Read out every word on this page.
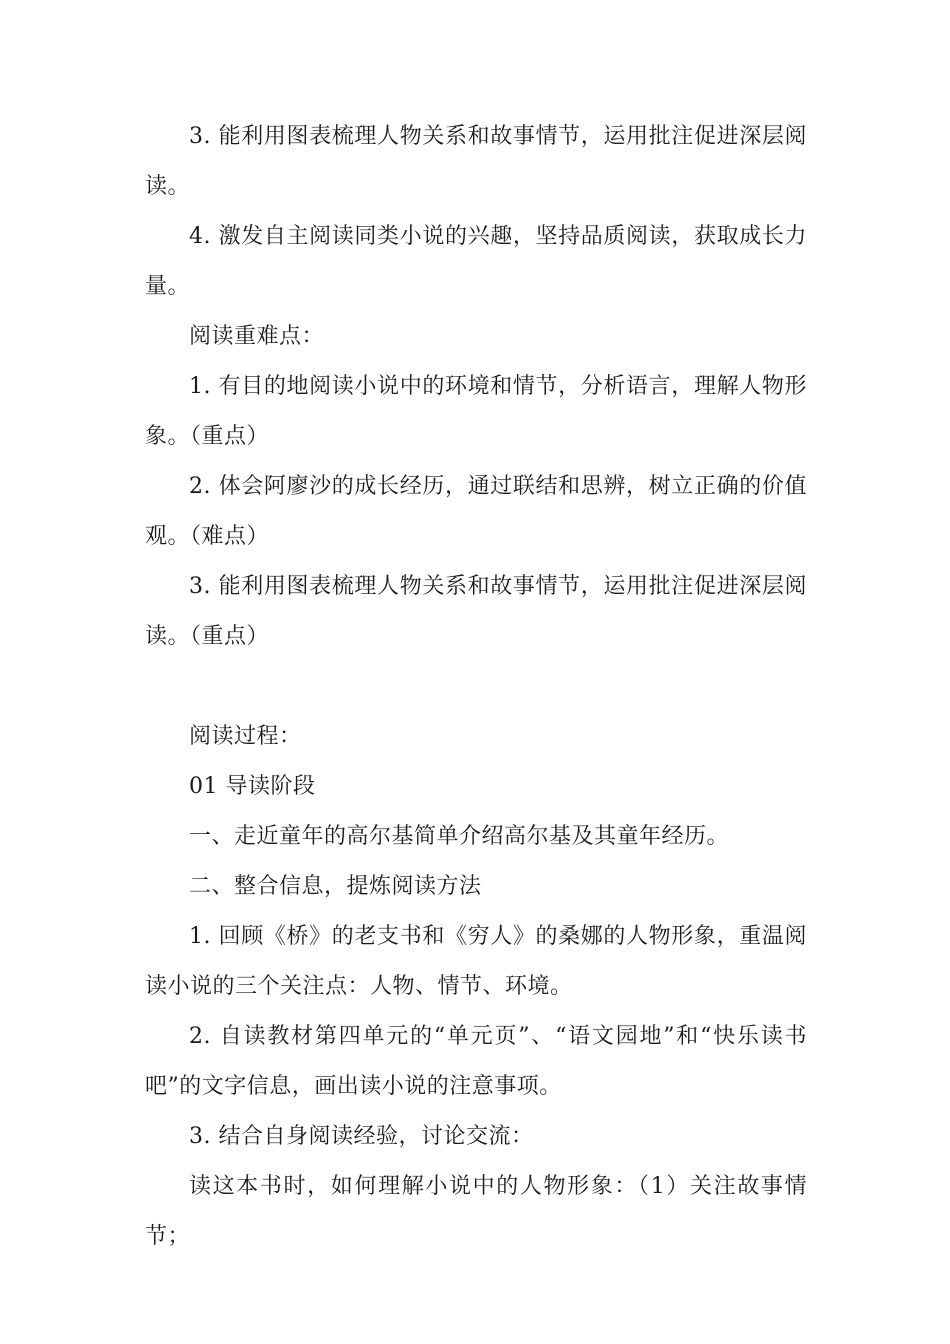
3. 能利用图表梳理人物关系和故事情节，运用批注促进深层阅读。

4. 激发自主阅读同类小说的兴趣，坚持品质阅读，获取成长力量。

阅读重难点：

1. 有目的地阅读小说中的环境和情节，分析语言，理解人物形象。（重点）

2. 体会阿廖沙的成长经历，通过联结和思辨，树立正确的价值观。（难点）

3. 能利用图表梳理人物关系和故事情节，运用批注促进深层阅读。（重点）

阅读过程：

01 导读阶段

一、走近童年的高尔基简单介绍高尔基及其童年经历。

二、整合信息，提炼阅读方法

1. 回顾《桥》的老支书和《穷人》的桑娜的人物形象，重温阅读小说的三个关注点：人物、情节、环境。

2. 自读教材第四单元的“单元页”、“语文园地”和“快乐读书吧”的文字信息，画出读小说的注意事项。

3. 结合自身阅读经验，讨论交流：

读这本书时，如何理解小说中的人物形象：（1）关注故事情节；
